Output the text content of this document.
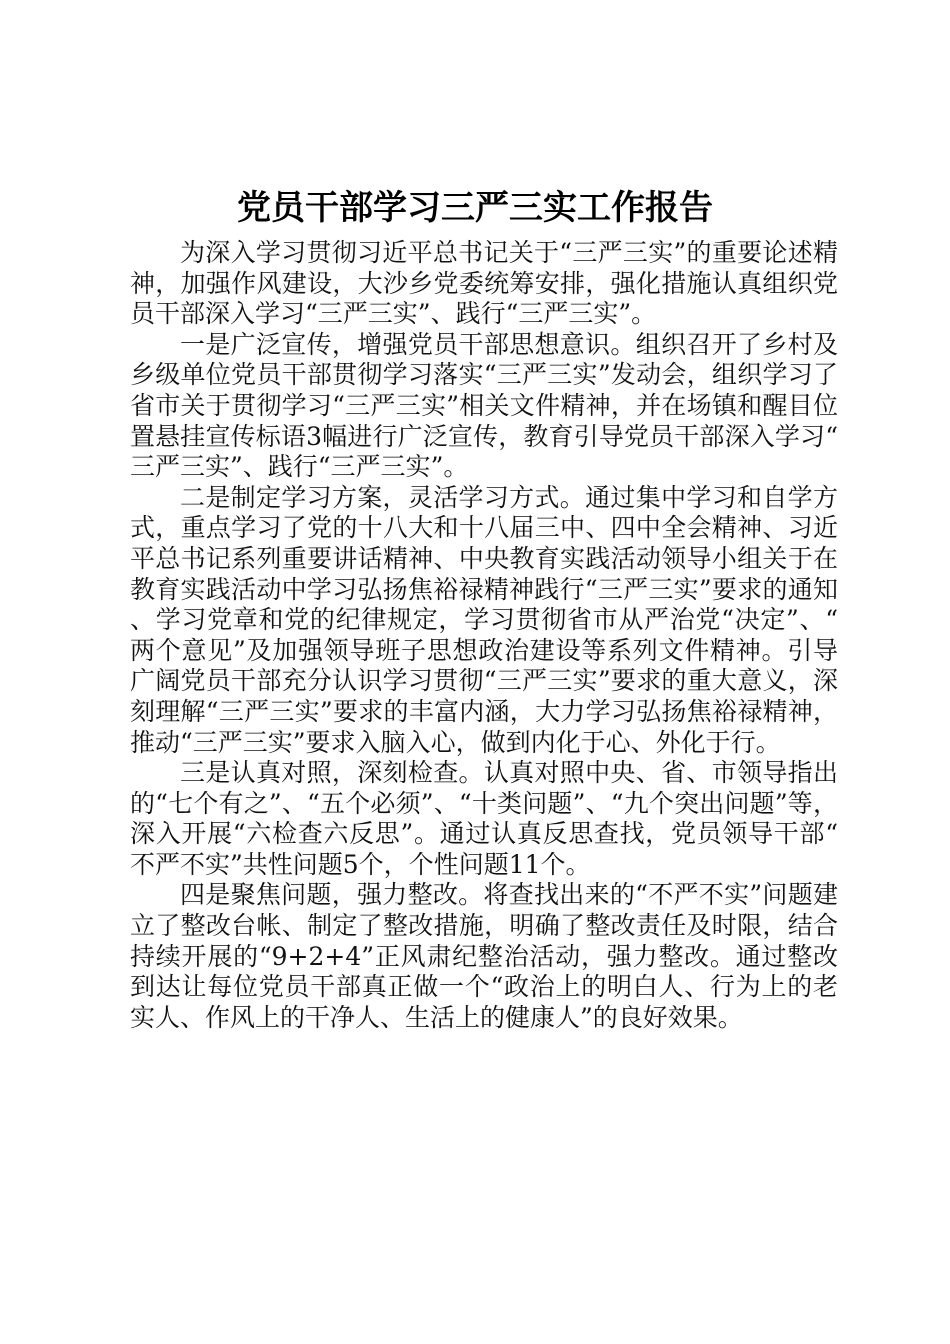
党员干部学习三严三实工作报告

为深入学习贯彻习近平总书记关于“三严三实”的重要论述精神，加强作风建设，大沙乡党委统筹安排，强化措施认真组织党员干部深入学习“三严三实”、践行“三严三实”。

一是广泛宣传，增强党员干部思想意识。组织召开了乡村及乡级单位党员干部贯彻学习落实“三严三实”发动会，组织学习了省市关于贯彻学习“三严三实”相关文件精神，并在场镇和醒目位置悬挂宣传标语3幅进行广泛宣传，教育引导党员干部深入学习“三严三实”、践行“三严三实”。

二是制定学习方案，灵活学习方式。通过集中学习和自学方式，重点学习了党的十八大和十八届三中、四中全会精神、习近平总书记系列重要讲话精神、中央教育实践活动领导小组关于在教育实践活动中学习弘扬焦裕禄精神践行“三严三实”要求的通知、学习党章和党的纪律规定，学习贯彻省市从严治党“决定”、“两个意见”及加强领导班子思想政治建设等系列文件精神。引导广阔党员干部充分认识学习贯彻“三严三实”要求的重大意义，深刻理解“三严三实”要求的丰富内涵，大力学习弘扬焦裕禄精神，推动“三严三实”要求入脑入心，做到内化于心、外化于行。

三是认真对照，深刻检查。认真对照中央、省、市领导指出的“七个有之”、“五个必须”、“十类问题”、“九个突出问题”等，深入开展“六检查六反思”。通过认真反思查找，党员领导干部“不严不实”共性问题5个，个性问题11个。

四是聚焦问题，强力整改。将查找出来的“不严不实”问题建立了整改台帐、制定了整改措施，明确了整改责任及时限，结合持续开展的“9+2+4”正风肃纪整治活动，强力整改。通过整改到达让每位党员干部真正做一个“政治上的明白人、行为上的老实人、作风上的干净人、生活上的健康人”的良好效果。
